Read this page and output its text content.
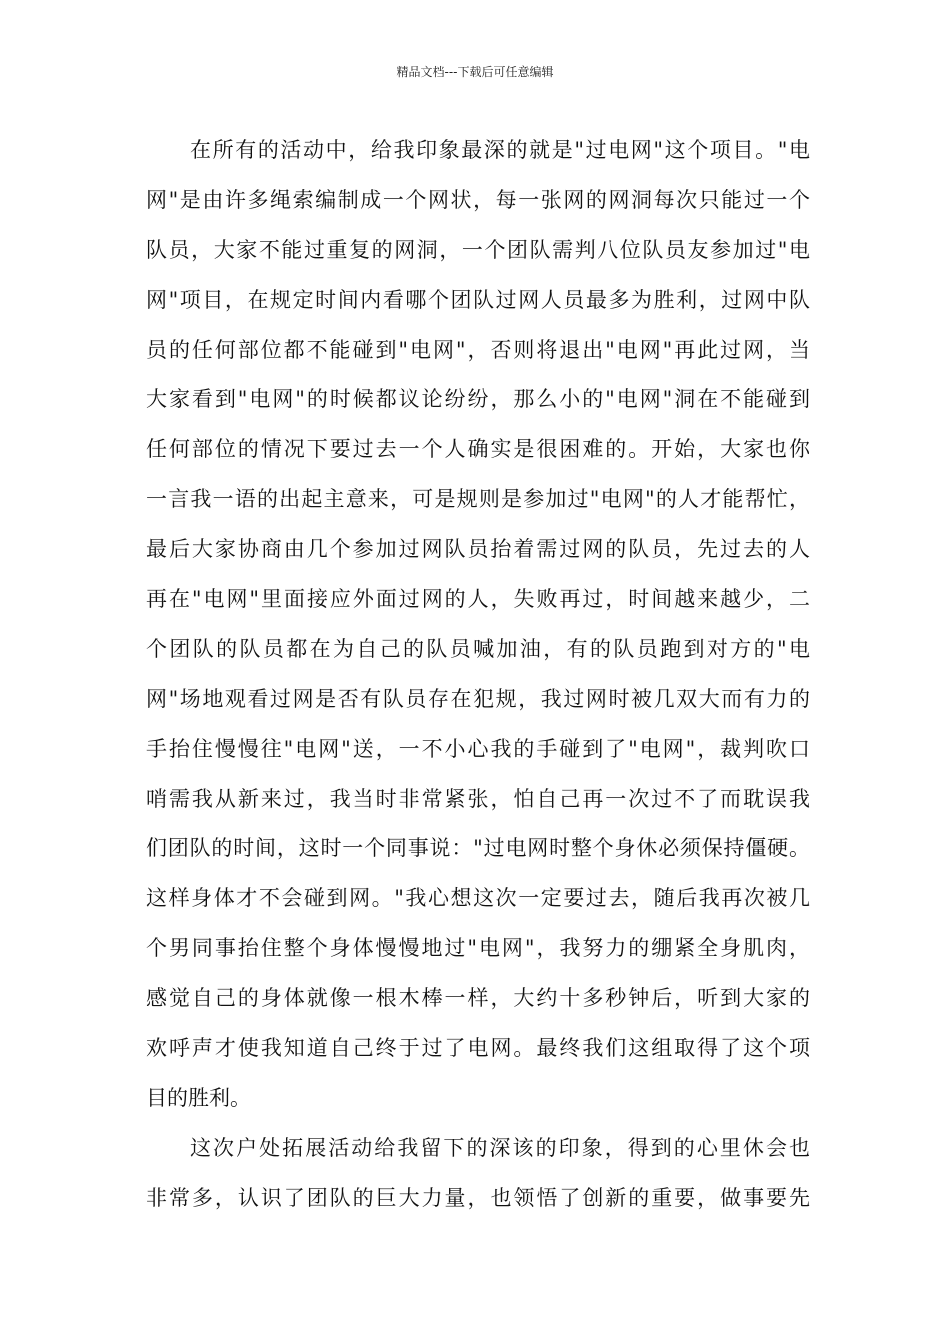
精品文档---下载后可任意编辑
在所有的活动中，给我印象最深的就是"过电网"这个项目。"电
网"是由许多绳索编制成一个网状，每一张网的网洞每次只能过一个
队员，大家不能过重复的网洞，一个团队需判八位队员友参加过"电
网"项目，在规定时间内看哪个团队过网人员最多为胜利，过网中队
员的任何部位都不能碰到"电网"，否则将退出"电网"再此过网，当
大家看到"电网"的时候都议论纷纷，那么小的"电网"洞在不能碰到
任何部位的情况下要过去一个人确实是很困难的。开始，大家也你
一言我一语的出起主意来，可是规则是参加过"电网"的人才能帮忙，
最后大家协商由几个参加过网队员抬着需过网的队员，先过去的人
再在"电网"里面接应外面过网的人，失败再过，时间越来越少，二
个团队的队员都在为自己的队员喊加油，有的队员跑到对方的"电
网"场地观看过网是否有队员存在犯规，我过网时被几双大而有力的
手抬住慢慢往"电网"送，一不小心我的手碰到了"电网"，裁判吹口
哨需我从新来过，我当时非常紧张，怕自己再一次过不了而耽误我
们团队的时间，这时一个同事说："过电网时整个身休必须保持僵硬。
这样身体才不会碰到网。"我心想这次一定要过去，随后我再次被几
个男同事抬住整个身体慢慢地过"电网"，我努力的绷紧全身肌肉，
感觉自己的身体就像一根木棒一样，大约十多秒钟后，听到大家的
欢呼声才使我知道自己终于过了电网。最终我们这组取得了这个项
目的胜利。
这次户处拓展活动给我留下的深该的印象，得到的心里休会也
非常多，认识了团队的巨大力量，也领悟了创新的重要，做事要先
